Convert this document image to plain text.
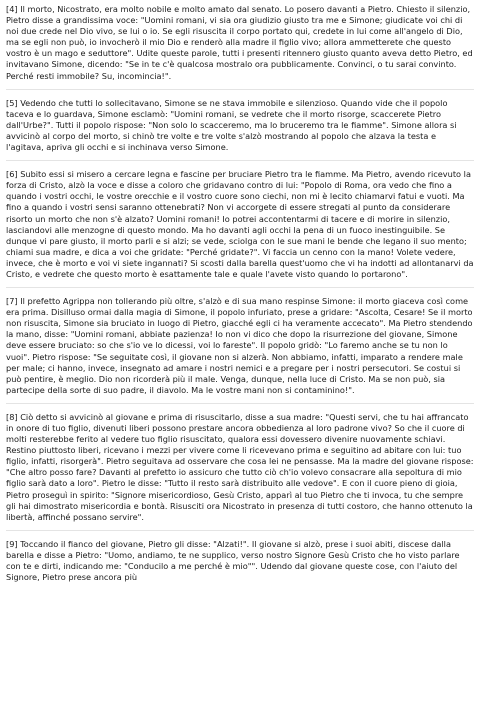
[4] Il morto, Nicostrato, era molto nobile e molto amato dal senato. Lo posero davanti a Pietro. Chiesto il silenzio, Pietro disse a grandissima voce: "Uomini romani, vi sia ora giudizio giusto tra me e Simone; giudicate voi chi di noi due crede nel Dio vivo, se lui o io. Se egli risuscita il corpo portato qui, credete in lui come all'angelo di Dio, ma se egli non può, io invocherò il mio Dio e renderò alla madre il figlio vivo; allora ammetterete che questo vostro è un mago e seduttore". Udite queste parole, tutti i presenti ritennero giusto quanto aveva detto Pietro, ed invitavano Simone, dicendo: "Se in te c'è qualcosa mostralo ora pubblicamente. Convinci, o tu sarai convinto. Perché resti immobile? Su, incomincia!".

[5] Vedendo che tutti lo sollecitavano, Simone se ne stava immobile e silenzioso. Quando vide che il popolo taceva e lo guardava, Simone esclamò: "Uomini romani, se vedrete che il morto risorge, scaccerete Pietro dall'Urbe?". Tutti il popolo rispose: "Non solo lo scacceremo, ma lo bruceremo tra le fiamme". Simone allora si avvicinò al corpo del morto, si chinò tre volte e tre volte s'alzò mostrando al popolo che alzava la testa e l'agitava, apriva gli occhi e si inchinava verso Simone.

[6] Subito essi si misero a cercare legna e fascine per bruciare Pietro tra le fiamme. Ma Pietro, avendo ricevuto la forza di Cristo, alzò la voce e disse a coloro che gridavano contro di lui: "Popolo di Roma, ora vedo che fino a quando i vostri occhi, le vostre orecchie e il vostro cuore sono ciechi, non mi è lecito chiamarvi fatui e vuoti. Ma fino a quando i vostri sensi saranno ottenebrati? Non vi accorgete di essere stregati al punto da considerare risorto un morto che non s'è alzato? Uomini romani! Io potrei accontentarmi di tacere e di morire in silenzio, lasciandovi alle menzogne di questo mondo. Ma ho davanti agli occhi la pena di un fuoco inestinguibile. Se dunque vi pare giusto, il morto parli e si alzi; se vede, sciolga con le sue mani le bende che legano il suo mento; chiami sua madre, e dica a voi che gridate: "Perché gridate?". Vi faccia un cenno con la mano! Volete vedere, invece, che è morto e voi vi siete ingannati? Si scosti dalla barella quest'uomo che vi ha indotti ad allontanarvi da Cristo, e vedrete che questo morto è esattamente tale e quale l'avete visto quando lo portarono".

[7] Il prefetto Agrippa non tollerando più oltre, s'alzò e di sua mano respinse Simone: il morto giaceva così come era prima. Disilluso ormai dalla magia di Simone, il popolo infuriato, prese a gridare: "Ascolta, Cesare! Se il morto non risuscita, Simone sia bruciato in luogo di Pietro, giacché egli ci ha veramente accecato". Ma Pietro stendendo la mano, disse: "Uomini romani, abbiate pazienza! Io non vi dico che dopo la risurrezione del giovane, Simone deve essere bruciato: so che s'io ve lo dicessi, voi lo fareste". Il popolo gridò: "Lo faremo anche se tu non lo vuoi". Pietro rispose: "Se seguitate così, il giovane non si alzerà. Non abbiamo, infatti, imparato a rendere male per male; ci hanno, invece, insegnato ad amare i nostri nemici e a pregare per i nostri persecutori. Se costui si può pentire, è meglio. Dio non ricorderà più il male. Venga, dunque, nella luce di Cristo. Ma se non può, sia partecipe della sorte di suo padre, il diavolo. Ma le vostre mani non si contaminino!".

[8] Ciò detto si avvicinò al giovane e prima di risuscitarlo, disse a sua madre: "Questi servi, che tu hai affrancato in onore di tuo figlio, divenuti liberi possono prestare ancora obbedienza al loro padrone vivo? So che il cuore di molti resterebbe ferito al vedere tuo figlio risuscitato, qualora essi dovessero divenire nuovamente schiavi. Restino piuttosto liberi, ricevano i mezzi per vivere come li ricevevano prima e seguitino ad abitare con lui: tuo figlio, infatti, risorgerà". Pietro seguitava ad osservare che cosa lei ne pensasse. Ma la madre del giovane rispose: "Che altro posso fare? Davanti al prefetto io assicuro che tutto ciò ch'io volevo consacrare alla sepoltura di mio figlio sarà dato a loro". Pietro le disse: "Tutto il resto sarà distribuito alle vedove". E con il cuore pieno di gioia, Pietro proseguì in spirito: "Signore misericordioso, Gesù Cristo, apparì al tuo Pietro che ti invoca, tu che sempre gli hai dimostrato misericordia e bontà. Risusciti ora Nicostrato in presenza di tutti costoro, che hanno ottenuto la libertà, affinché possano servire".

[9] Toccando il fianco del giovane, Pietro gli disse: "Alzati!". Il giovane si alzò, prese i suoi abiti, discese dalla barella e disse a Pietro: "Uomo, andiamo, te ne supplico, verso nostro Signore Gesù Cristo che ho visto parlare con te e dirti, indicando me: "Conducilo a me perché è mio"". Udendo dal giovane queste cose, con l'aiuto del Signore, Pietro prese ancora più
